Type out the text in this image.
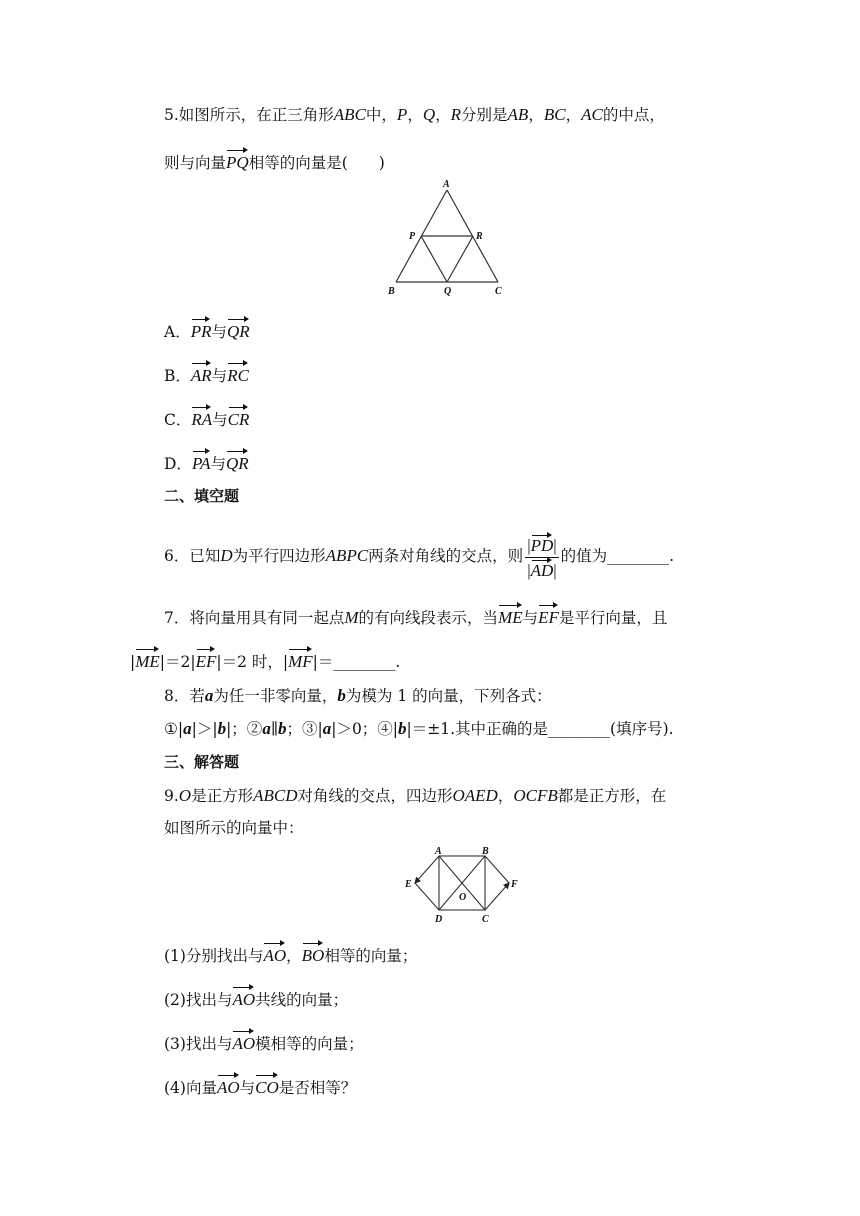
5.如图所示，在正三角形ABC中，P，Q，R分别是AB，BC，AC的中点，
则与向量PQ相等的向量是(　　)
A
B	C
P	R
Q
A．PR与QR
B．AR与RC
C．RA与CR
D．PA与QR
二、填空题
6．已知D为平行四边形ABPC两条对角线的交点，则 $\frac{|PD|}{|AD|}$ 的值为________.
7．将向量用具有同一起点M的有向线段表示，当ME与EF是平行向量，且
|ME|＝2|EF|＝2 时，|MF|＝________.
8．若a为任一非零向量，b为模为 1 的向量，下列各式：
①|a|＞|b|；②a∥b；③|a|＞0；④|b|＝±1.其中正确的是________(填序号).
三、解答题
9.O是正方形ABCD对角线的交点，四边形OAED，OCFB都是正方形，在
如图所示的向量中：
A	B
C
D
E	F
O
(1)分别找出与AO，BO相等的向量；
(2)找出与AO共线的向量；
(3)找出与AO模相等的向量；
(4)向量AO与CO是否相等？
